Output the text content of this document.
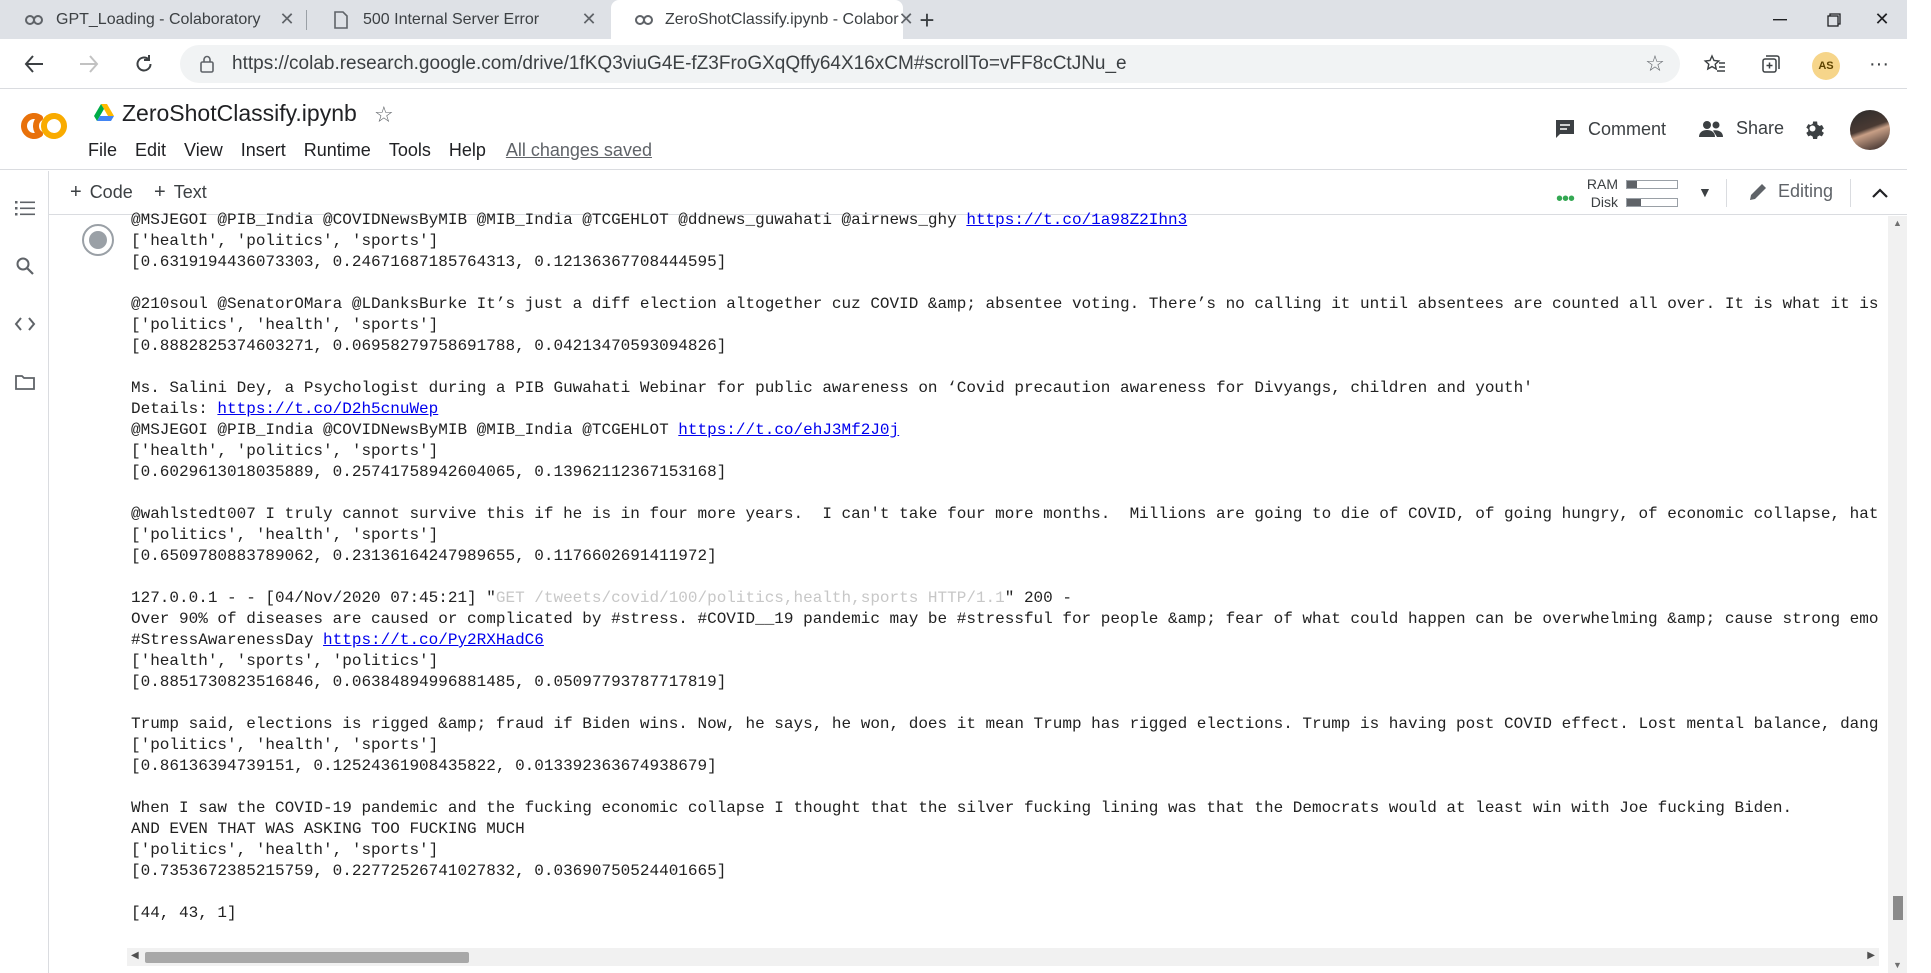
GPT_Loading - Colaboratory	✕	500 Internal Server Error	✕	ZeroShotClassify.ipynb - Colabor ✕ +	✕
https://colab.research.google.com/drive/1fKQ3viuG4E-fZ3FroGXqQffy64X16xCM#scrollTo=vFF8cCtJNu_e	☆	···
AS
ZeroShotClassify.ipynb ☆
File Edit View Insert Runtime Tools Help All changes saved
Comment	Share
+ Code + Text	•••
RAM
Disk
▼	Editing
@MSJEGOI @PIB_India @COVIDNewsByMIB @MIB_India @TCGEHLOT @ddnews_guwahati @airnews_ghy https://t.co/1a98Z2Ihn3
['health', 'politics', 'sports']
[0.6319194436073303, 0.24671687185764313, 0.12136367708444595]
@210soul @SenatorOMara @LDanksBurke It’s just a diff election altogether cuz COVID &amp; absentee voting. There’s no calling it until absentees are counted all over. It is what it is
['politics', 'health', 'sports']
[0.8882825374603271, 0.06958279758691788, 0.04213470593094826]
Ms. Salini Dey, a Psychologist during a PIB Guwahati Webinar for public awareness on ‘Covid precaution awareness for Divyangs, children and youth'
Details: https://t.co/D2h5cnuWep
@MSJEGOI @PIB_India @COVIDNewsByMIB @MIB_India @TCGEHLOT https://t.co/ehJ3Mf2J0j
['health', 'politics', 'sports']
[0.6029613018035889, 0.25741758942604065, 0.13962112367153168]
@wahlstedt007 I truly cannot survive this if he is in four more years.  I can't take four more months.  Millions are going to die of COVID, of going hungry, of economic collapse, hat
['politics', 'health', 'sports']
[0.6509780883789062, 0.23136164247989655, 0.1176602691411972]
127.0.0.1 - - [04/Nov/2020 07:45:21] "GET /tweets/covid/100/politics,health,sports HTTP/1.1" 200 -
Over 90% of diseases are caused or complicated by #stress. #COVID__19 pandemic may be #stressful for people &amp; fear of what could happen can be overwhelming &amp; cause strong emo
#StressAwarenessDay https://t.co/Py2RXHadC6
['health', 'sports', 'politics']
[0.8851730823516846, 0.06384894996881485, 0.05097793787717819]
Trump said, elections is rigged &amp; fraud if Biden wins. Now, he says, he won, does it mean Trump has rigged elections. Trump is having post COVID effect. Lost mental balance, dang
['politics', 'health', 'sports']
[0.86136394739151, 0.12524361908435822, 0.013392363674938679]
When I saw the COVID-19 pandemic and the fucking economic collapse I thought that the silver fucking lining was that the Democrats would at least win with Joe fucking Biden.
AND EVEN THAT WAS ASKING TOO FUCKING MUCH
['politics', 'health', 'sports']
[0.7353672385215759, 0.22772526741027832, 0.03690750524401665]
[44, 43, 1]
▲
▼
◀	▶
